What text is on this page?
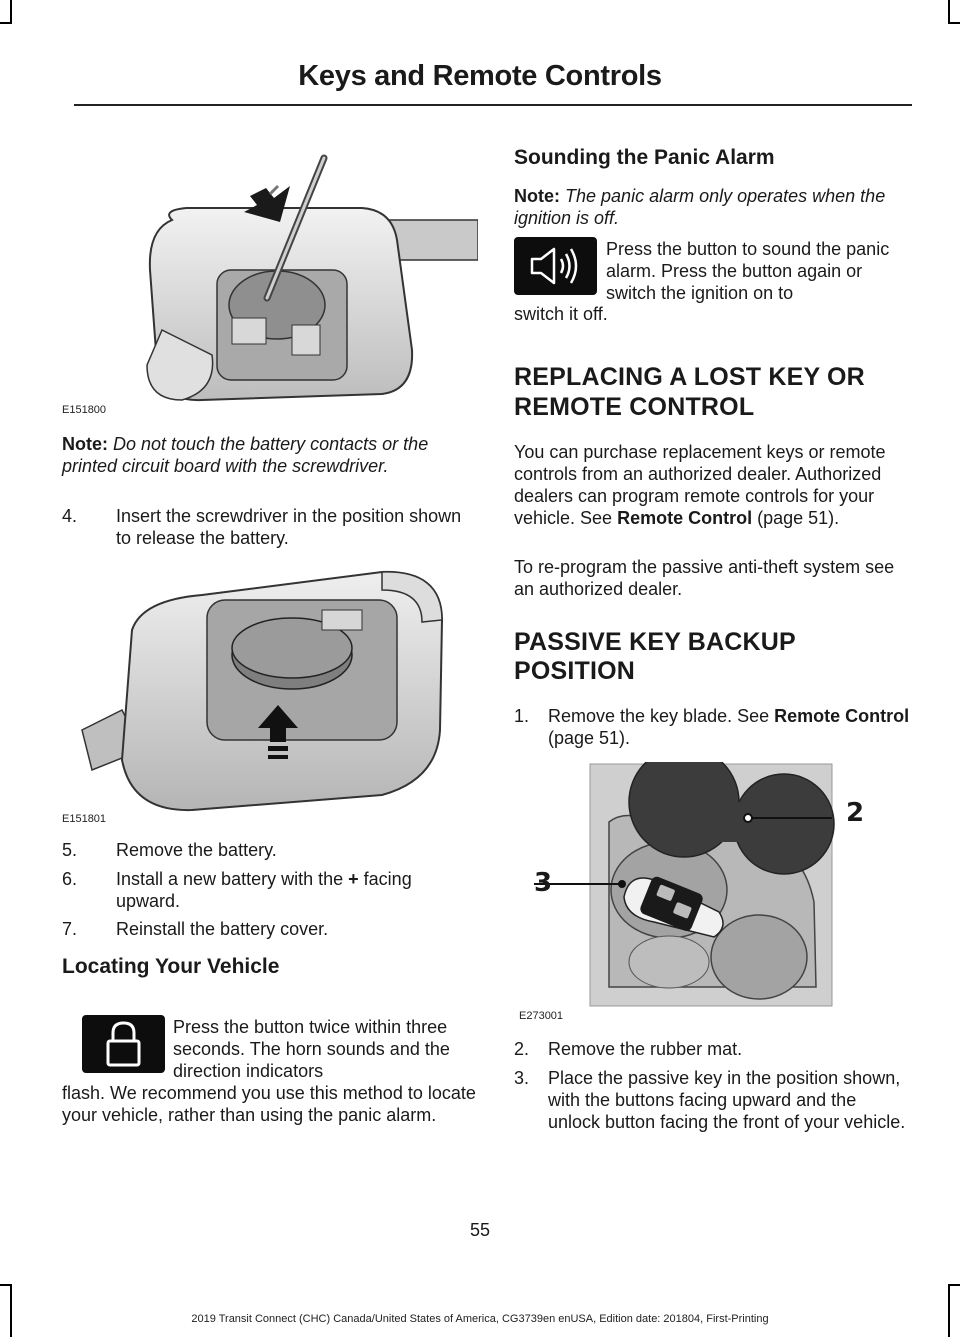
Keys and Remote Controls
E151800

Note: Do not touch the battery contacts or the printed circuit board with the screwdriver.

4. Insert the screwdriver in the position shown to release the battery.
E151801
5. Remove the battery.
6. Install a new battery with the + facing upward.
7. Reinstall the battery cover.
Locating Your Vehicle

Press the button twice within three seconds. The horn sounds and the direction indicators

flash. We recommend you use this method to locate your vehicle, rather than using the panic alarm.

Sounding the Panic Alarm

Note: The panic alarm only operates when the ignition is off.

Press the button to sound the panic alarm. Press the button again or switch the ignition on to

switch it off.

REPLACING A LOST KEY OR
REMOTE CONTROL

You can purchase replacement keys or remote controls from an authorized dealer. Authorized dealers can program remote controls for your vehicle. See Remote Control (page 51).

To re-program the passive anti-theft system see an authorized dealer.

PASSIVE KEY BACKUP
POSITION
1. Remove the key blade. See Remote Control (page 51).
2
3
E273001
2. Remove the rubber mat.
3. Place the passive key in the position shown, with the buttons facing upward and the unlock button facing the front of your vehicle.
55
2019 Transit Connect (CHC) Canada/United States of America, CG3739en enUSA, Edition date: 201804, First-Printing
